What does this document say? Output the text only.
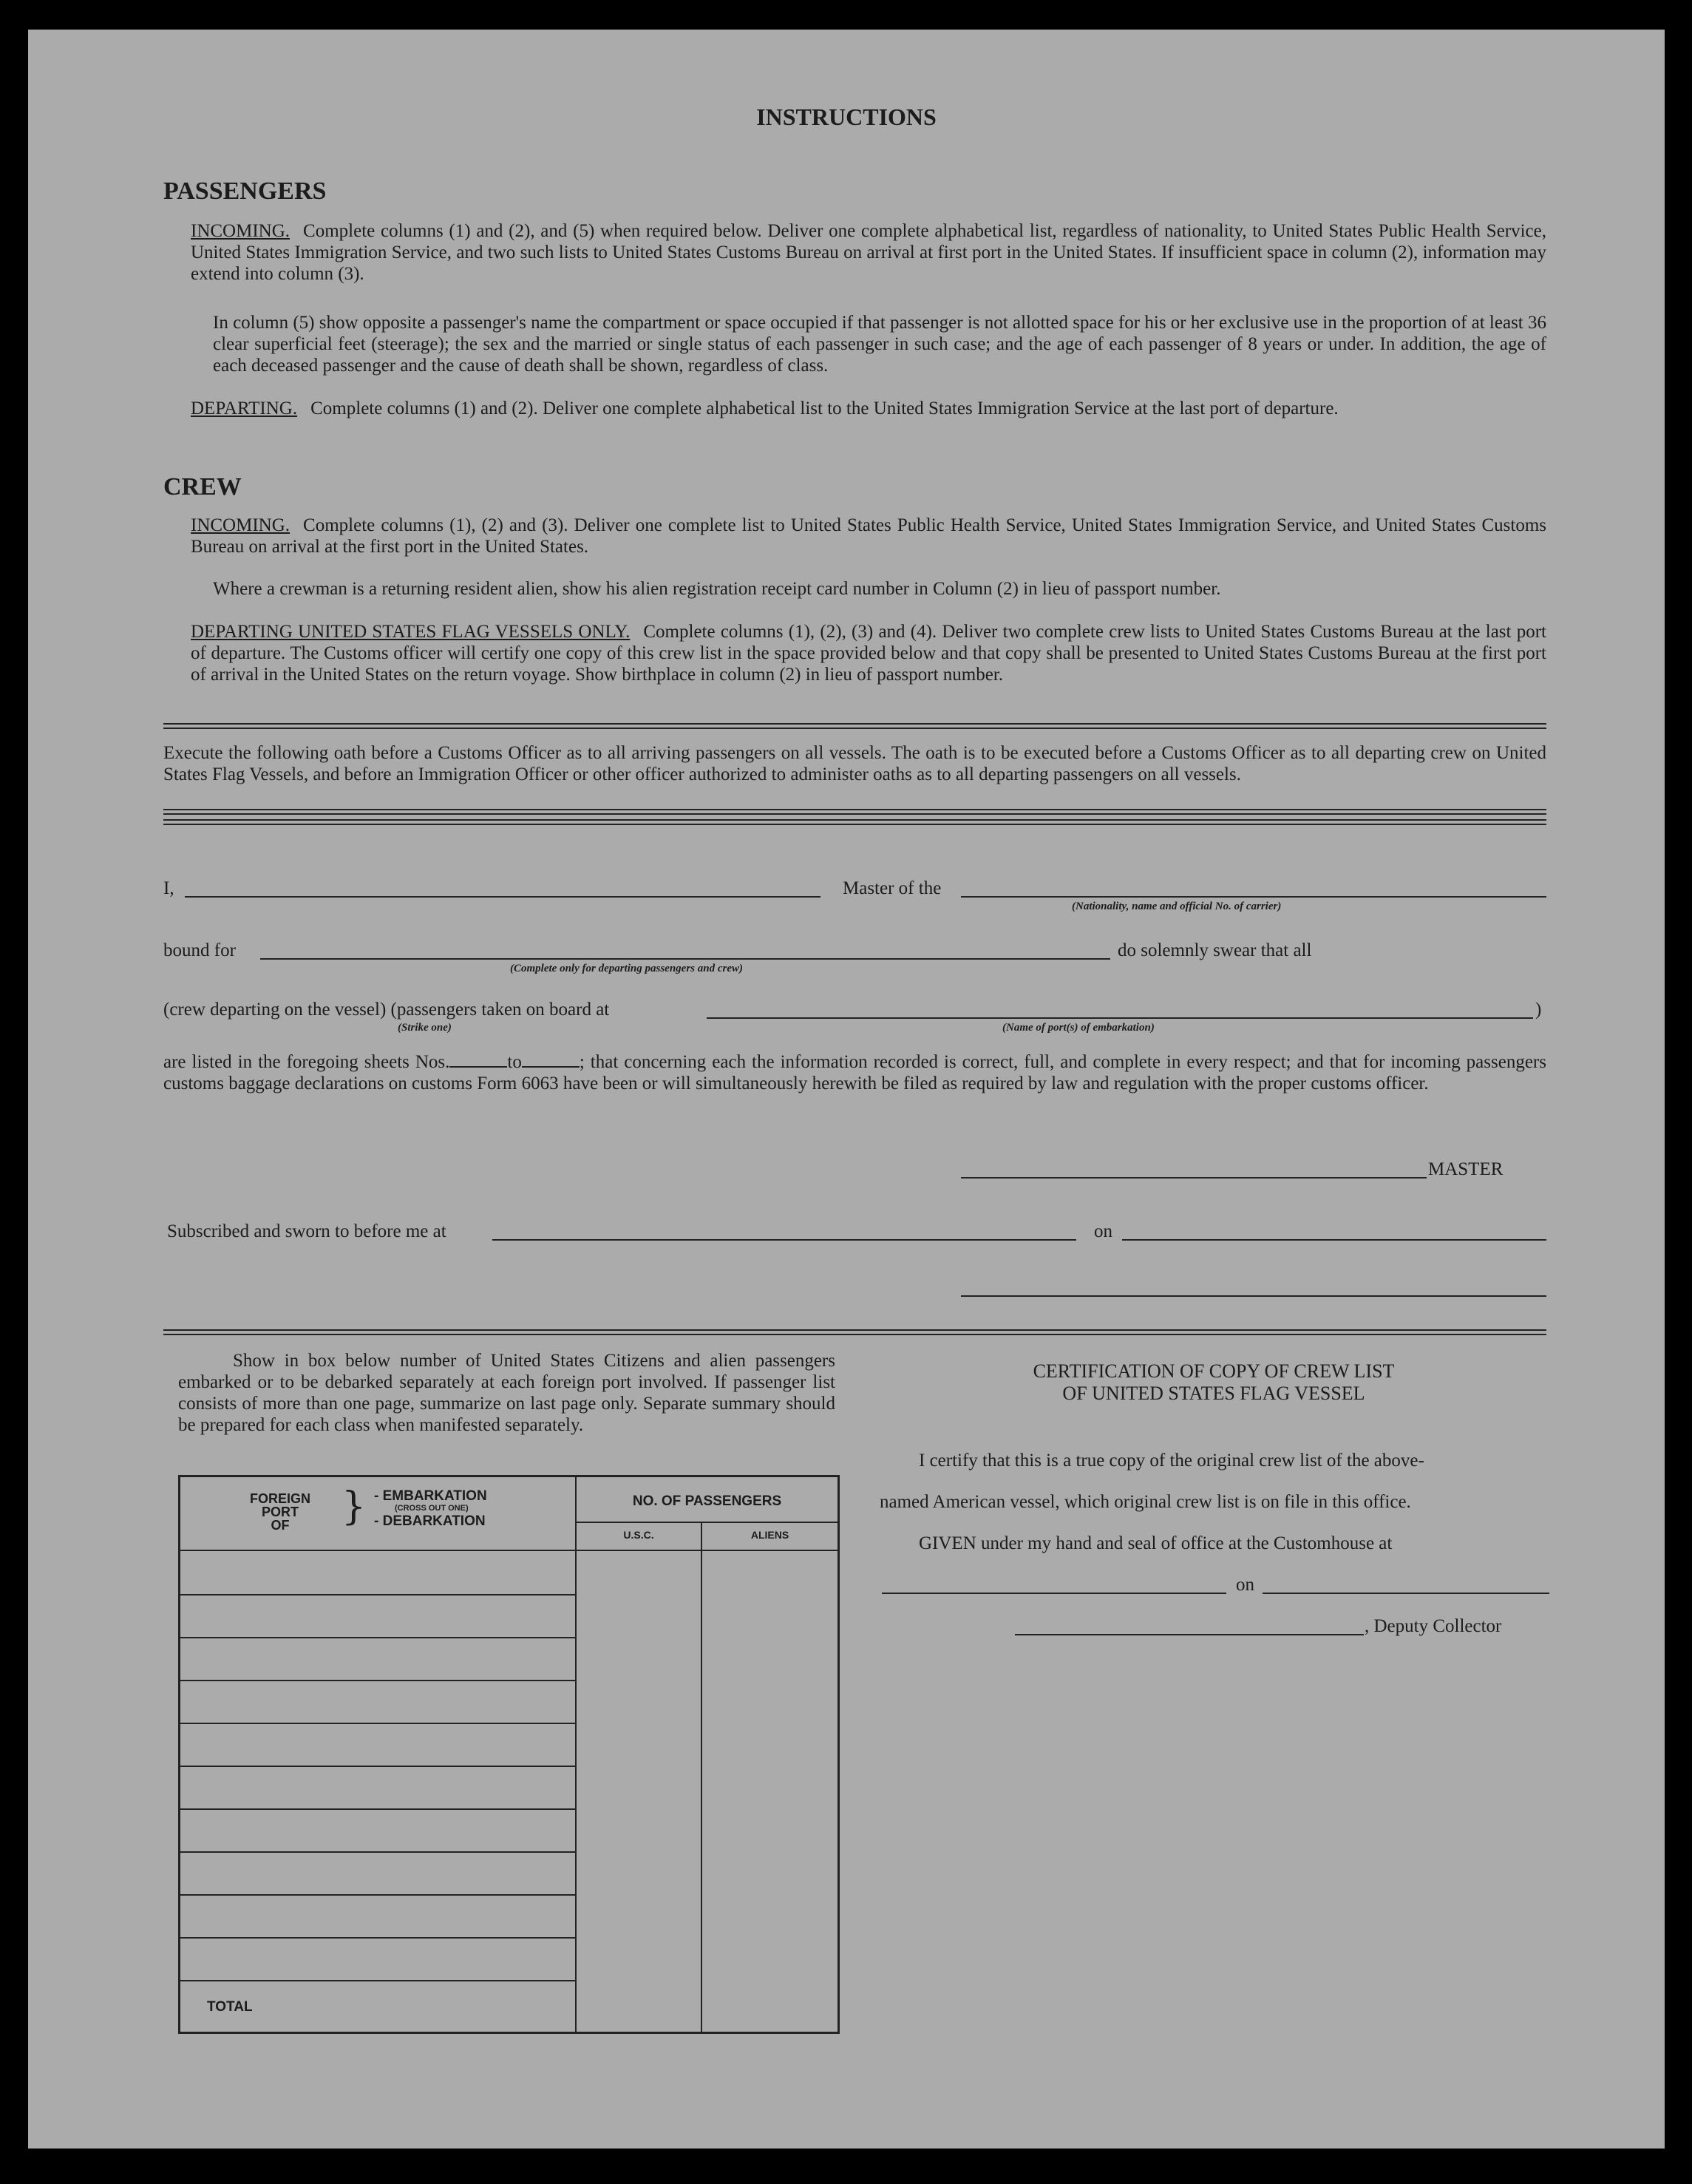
INSTRUCTIONS
PASSENGERS
INCOMING. Complete columns (1) and (2), and (5) when required below. Deliver one complete alphabetical list, regardless of nationality, to United States Public Health Service, United States Immigration Service, and two such lists to United States Customs Bureau on arrival at first port in the United States. If insufficient space in column (2), information may extend into column (3).
In column (5) show opposite a passenger's name the compartment or space occupied if that passenger is not allotted space for his or her exclusive use in the proportion of at least 36 clear superficial feet (steerage); the sex and the married or single status of each passenger in such case; and the age of each passenger of 8 years or under. In addition, the age of each deceased passenger and the cause of death shall be shown, regardless of class.
DEPARTING. Complete columns (1) and (2). Deliver one complete alphabetical list to the United States Immigration Service at the last port of departure.
CREW
INCOMING. Complete columns (1), (2) and (3). Deliver one complete list to United States Public Health Service, United States Immigration Service, and United States Customs Bureau on arrival at the first port in the United States.
Where a crewman is a returning resident alien, show his alien registration receipt card number in Column (2) in lieu of passport number.
DEPARTING UNITED STATES FLAG VESSELS ONLY. Complete columns (1), (2), (3) and (4). Deliver two complete crew lists to United States Customs Bureau at the last port of departure. The Customs officer will certify one copy of this crew list in the space provided below and that copy shall be presented to United States Customs Bureau at the first port of arrival in the United States on the return voyage. Show birthplace in column (2) in lieu of passport number.
Execute the following oath before a Customs Officer as to all arriving passengers on all vessels. The oath is to be executed before a Customs Officer as to all departing crew on United States Flag Vessels, and before an Immigration Officer or other officer authorized to administer oaths as to all departing passengers on all vessels.
I,	Master of the
(Nationality, name and official No. of carrier)
bound for
(Complete only for departing passengers and crew)
do solemnly swear that all
(crew departing on the vessel) (passengers taken on board at	)
(Strike one)	(Name of port(s) of embarkation)
are listed in the foregoing sheets Nos.	to	; that concerning each the information recorded is correct, full, and complete in every respect; and that for incoming passengers customs baggage declarations on customs Form 6063 have been or will simultaneously herewith be filed as required by law and regulation with the proper customs officer.
MASTER
Subscribed and sworn to before me at	on
Show in box below number of United States Citizens and alien passengers embarked or to be debarked separately at each foreign port involved. If passenger list consists of more than one page, summarize on last page only. Separate summary should be prepared for each class when manifested separately.
FOREIGN
PORT
OF	} - EMBARKATION
(CROSS OUT ONE)
- DEBARKATION
NO. OF PASSENGERS
U.S.C.	ALIENS
TOTAL
CERTIFICATION OF COPY OF CREW LIST
OF UNITED STATES FLAG VESSEL
I certify that this is a true copy of the original crew list of the above-
named American vessel, which original crew list is on file in this office.
GIVEN under my hand and seal of office at the Customhouse at
on
, Deputy Collector
